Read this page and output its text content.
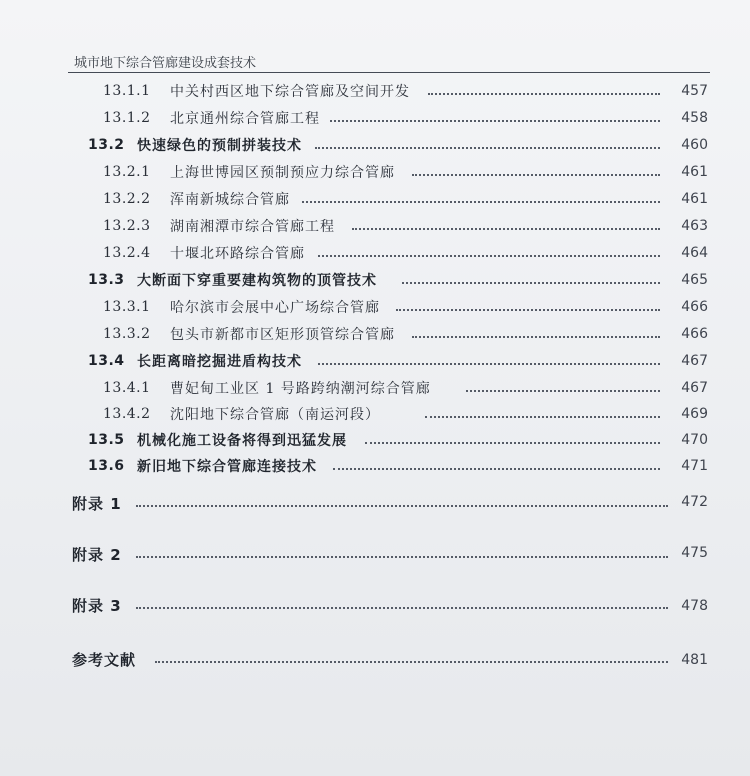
城市地下综合管廊建设成套技术
13.1.1 中关村西区地下综合管廊及空间开发	457
13.1.2 北京通州综合管廊工程	458
13.2 快速绿色的预制拼装技术	460
13.2.1 上海世博园区预制预应力综合管廊	461
13.2.2 浑南新城综合管廊	461
13.2.3 湖南湘潭市综合管廊工程	463
13.2.4 十堰北环路综合管廊	464
13.3 大断面下穿重要建构筑物的顶管技术	465
13.3.1 哈尔滨市会展中心广场综合管廊	466
13.3.2 包头市新都市区矩形顶管综合管廊	466
13.4 长距离暗挖掘进盾构技术	467
13.4.1 曹妃甸工业区 1 号路跨纳潮河综合管廊	467
13.4.2 沈阳地下综合管廊（南运河段）	469
13.5 机械化施工设备将得到迅猛发展	470
13.6 新旧地下综合管廊连接技术	471
附录 1	472
附录 2	475
附录 3	478
参考文献	481
